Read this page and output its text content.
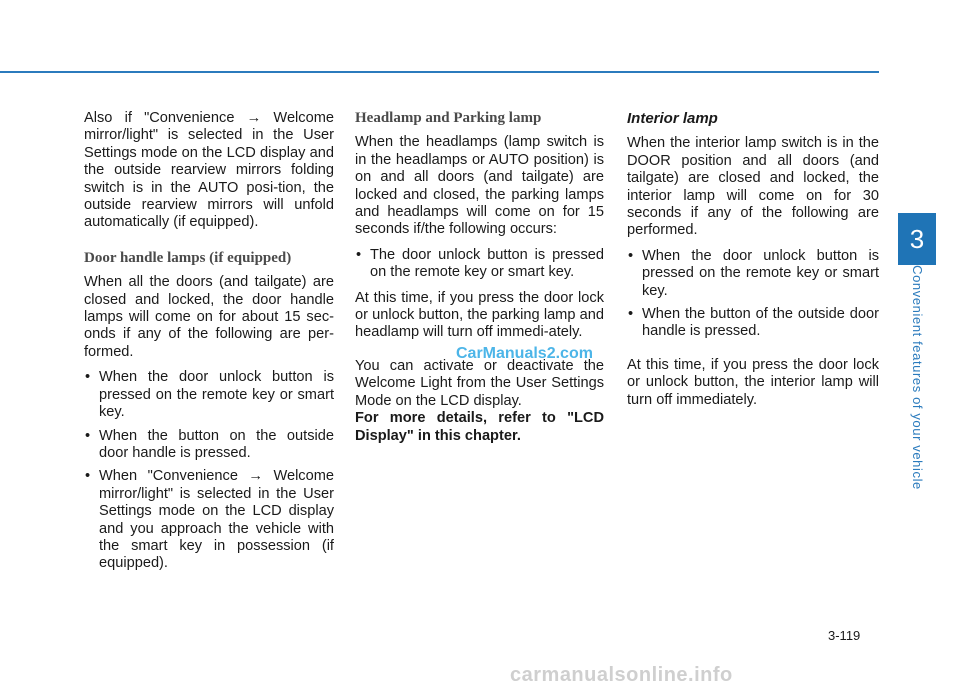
Also if "Convenience → Welcome mirror/light" is selected in the User Settings mode on the LCD display and the outside rearview mirrors folding switch is in the AUTO posi-tion, the outside rearview mirrors will unfold automatically (if equipped).

Door handle lamps (if equipped)

When all the doors (and tailgate) are closed and locked, the door handle lamps will come on for about 15 sec-onds if any of the following are per-formed.

• When the door unlock button is pressed on the remote key or smart key.
• When the button on the outside door handle is pressed.
• When "Convenience → Welcome mirror/light" is selected in the User Settings mode on the LCD display and you approach the vehicle with the smart key in possession (if equipped).
Headlamp and Parking lamp

When the headlamps (lamp switch is in the headlamps or AUTO position) is on and all doors (and tailgate) are locked and closed, the parking lamps and headlamps will come on for 15 seconds if/the following occurs:

• The door unlock button is pressed on the remote key or smart key.

At this time, if you press the door lock or unlock button, the parking lamp and headlamp will turn off immedi-ately.

You can activate or deactivate the Welcome Light from the User Settings Mode on the LCD display.

For more details, refer to "LCD Display" in this chapter.

Interior lamp

When the interior lamp switch is in the DOOR position and all doors (and tailgate) are closed and locked, the interior lamp will come on for 30 seconds if any of the following are performed.

• When the door unlock button is pressed on the remote key or smart key.
• When the button of the outside door handle is pressed.

At this time, if you press the door lock or unlock button, the interior lamp will turn off immediately.

3
Convenient features of your vehicle
3-119
CarManuals2.com
carmanualsonline.info
